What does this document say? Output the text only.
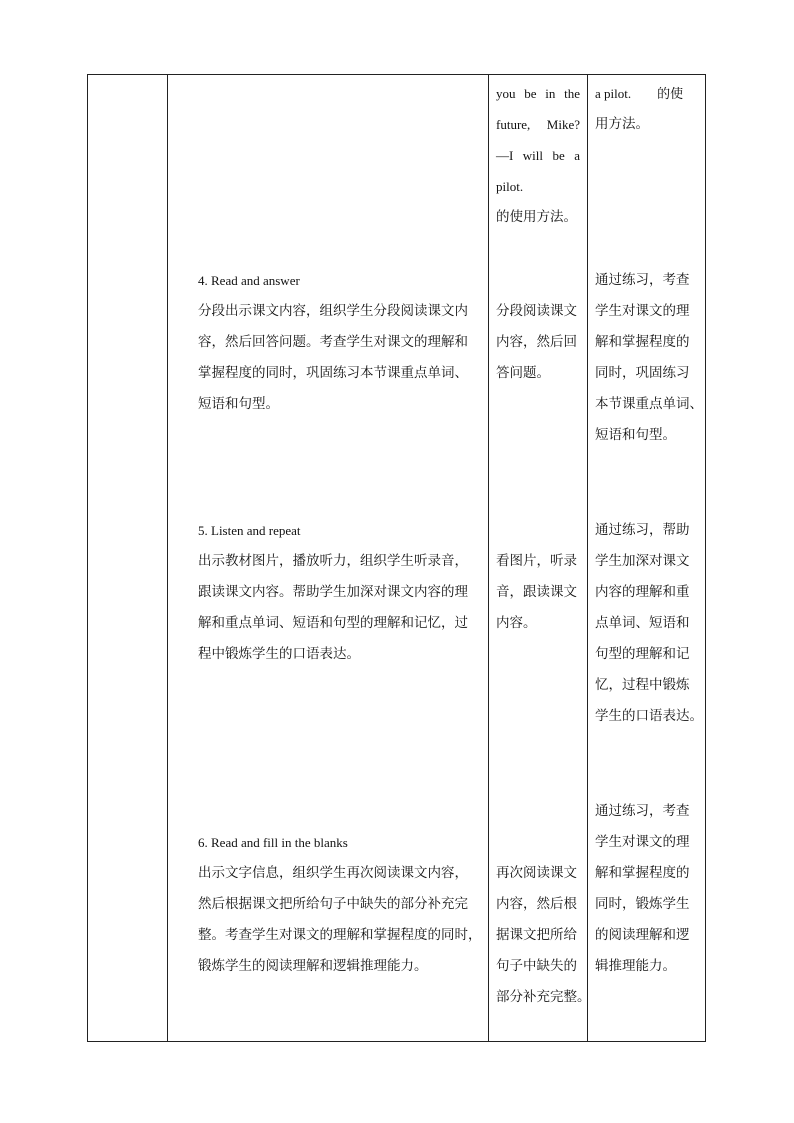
you be in the
future, Mike?
—I will be a
pilot.
的使用方法。
a pilot.        的使
用方法。
4. Read and answer
分段出示课文内容，组织学生分段阅读课文内
容，然后回答问题。考查学生对课文的理解和
掌握程度的同时，巩固练习本节课重点单词、
短语和句型。
分段阅读课文
内容，然后回
答问题。
通过练习，考查
学生对课文的理
解和掌握程度的
同时，巩固练习
本节课重点单词、
短语和句型。
5. Listen and repeat
出示教材图片，播放听力，组织学生听录音，
跟读课文内容。帮助学生加深对课文内容的理
解和重点单词、短语和句型的理解和记忆，过
程中锻炼学生的口语表达。
看图片，听录
音，跟读课文
内容。
通过练习，帮助
学生加深对课文
内容的理解和重
点单词、短语和
句型的理解和记
忆，过程中锻炼
学生的口语表达。
6. Read and fill in the blanks
出示文字信息，组织学生再次阅读课文内容，
然后根据课文把所给句子中缺失的部分补充完
整。考查学生对课文的理解和掌握程度的同时，
锻炼学生的阅读理解和逻辑推理能力。
再次阅读课文
内容，然后根
据课文把所给
句子中缺失的
部分补充完整。
通过练习，考查
学生对课文的理
解和掌握程度的
同时，锻炼学生
的阅读理解和逻
辑推理能力。
